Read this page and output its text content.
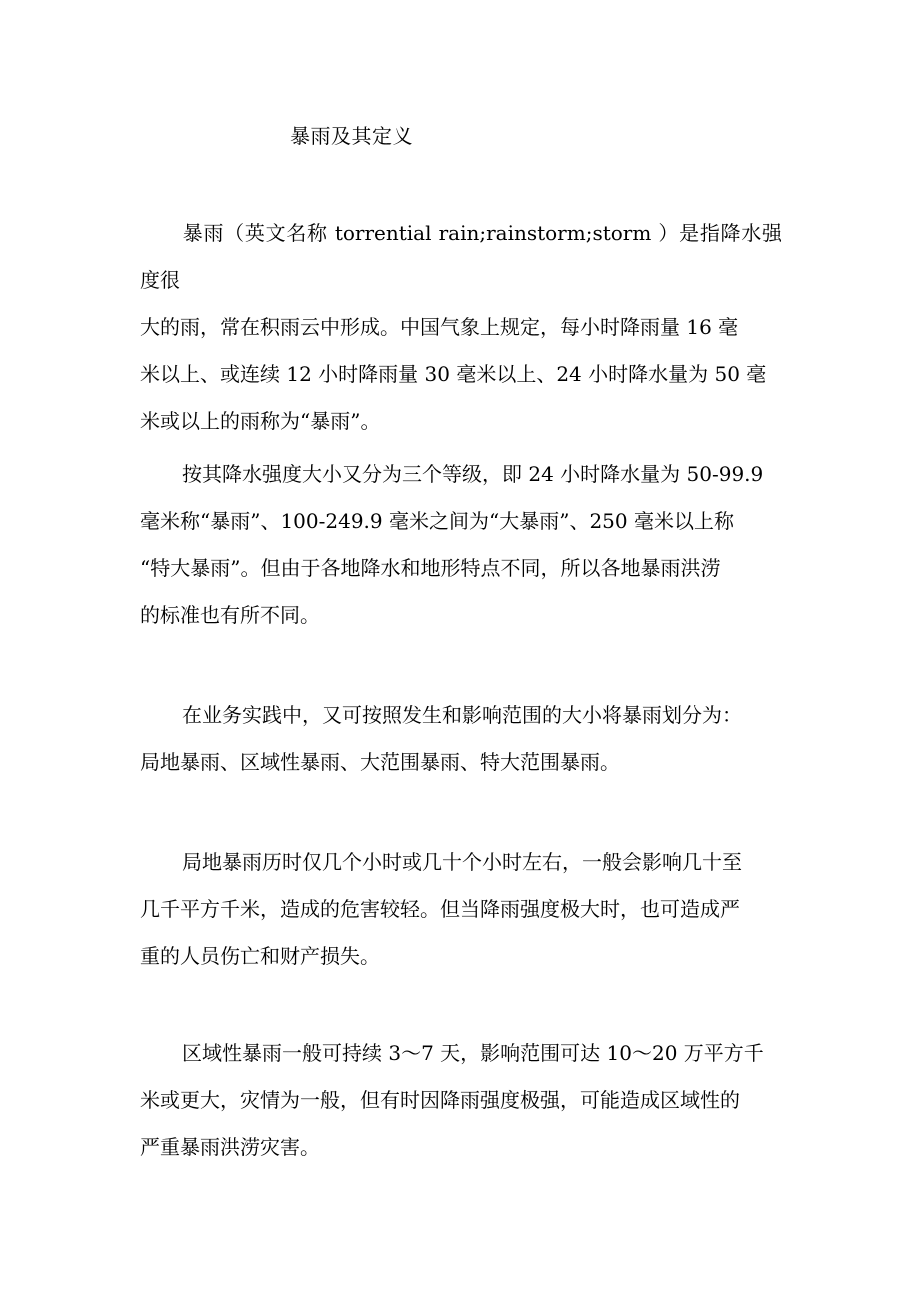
暴雨及其定义
暴雨（英文名称 torrential rain;rainstorm;storm ）是指降水强度很
大的雨，常在积雨云中形成。中国气象上规定，每小时降雨量 16 毫
米以上、或连续 12 小时降雨量 30 毫米以上、24 小时降水量为 50 毫
米或以上的雨称为“暴雨”。
按其降水强度大小又分为三个等级，即 24 小时降水量为 50-99.9
毫米称“暴雨”、100-249.9 毫米之间为“大暴雨”、250 毫米以上称
“特大暴雨”。但由于各地降水和地形特点不同，所以各地暴雨洪涝
的标准也有所不同。
在业务实践中，又可按照发生和影响范围的大小将暴雨划分为：
局地暴雨、区域性暴雨、大范围暴雨、特大范围暴雨。
局地暴雨历时仅几个小时或几十个小时左右，一般会影响几十至
几千平方千米，造成的危害较轻。但当降雨强度极大时，也可造成严
重的人员伤亡和财产损失。
区域性暴雨一般可持续 3～7 天，影响范围可达 10～20 万平方千
米或更大，灾情为一般，但有时因降雨强度极强，可能造成区域性的
严重暴雨洪涝灾害。
